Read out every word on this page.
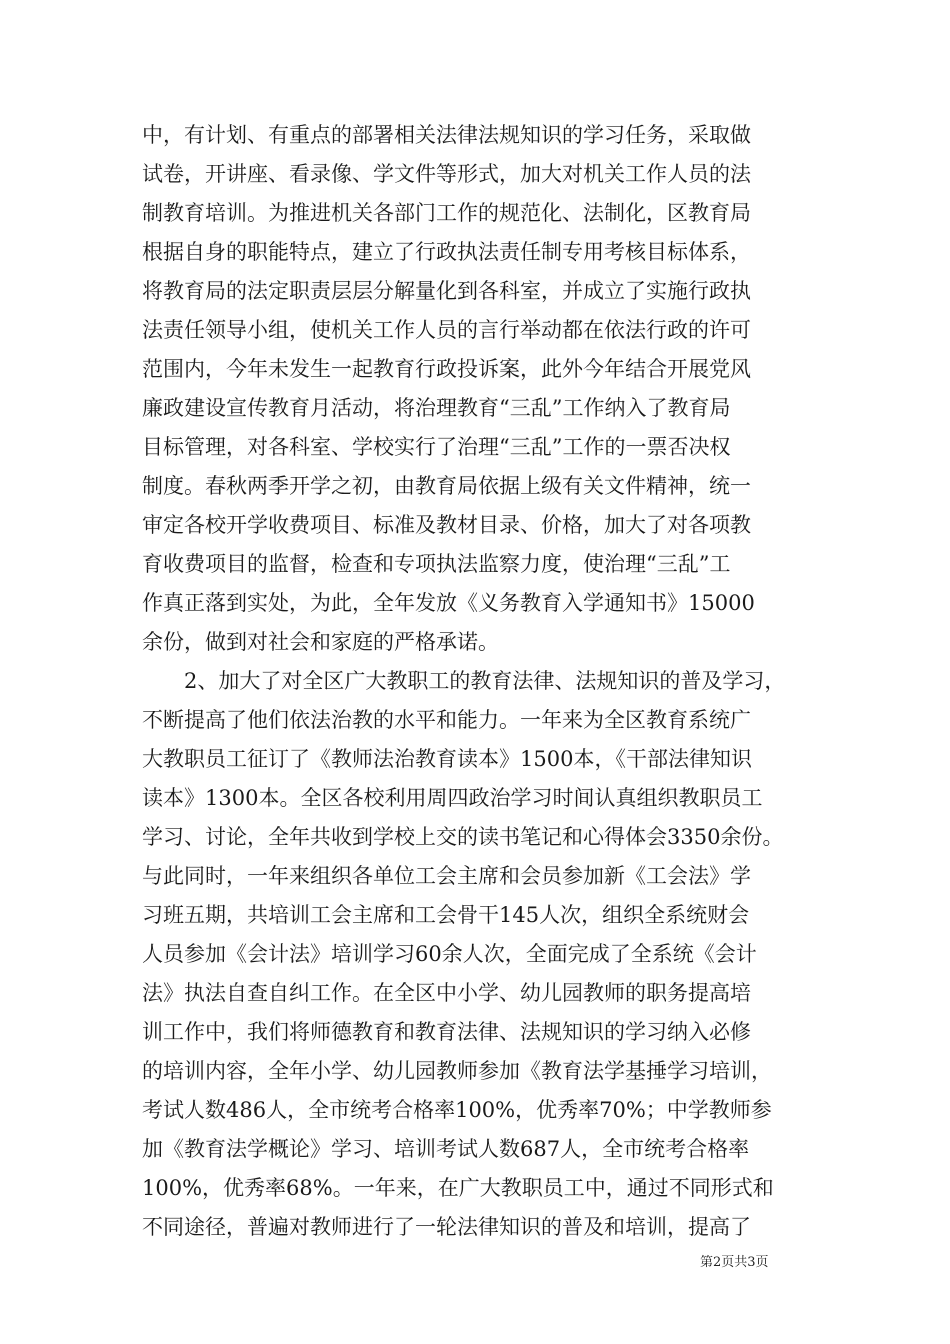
中，有计划、有重点的部署相关法律法规知识的学习任务，采取做
试卷，开讲座、看录像、学文件等形式，加大对机关工作人员的法
制教育培训。为推进机关各部门工作的规范化、法制化，区教育局
根据自身的职能特点，建立了行政执法责任制专用考核目标体系，
将教育局的法定职责层层分解量化到各科室，并成立了实施行政执
法责任领导小组，使机关工作人员的言行举动都在依法行政的许可
范围内，今年未发生一起教育行政投诉案，此外今年结合开展党风
廉政建设宣传教育月活动，将治理教育“三乱”工作纳入了教育局
目标管理，对各科室、学校实行了治理“三乱”工作的一票否决权
制度。春秋两季开学之初，由教育局依据上级有关文件精神，统一
审定各校开学收费项目、标准及教材目录、价格，加大了对各项教
育收费项目的监督，检查和专项执法监察力度，使治理“三乱”工
作真正落到实处，为此，全年发放《义务教育入学通知书》15000
余份，做到对社会和家庭的严格承诺。
　　2、加大了对全区广大教职工的教育法律、法规知识的普及学习，
不断提高了他们依法治教的水平和能力。一年来为全区教育系统广
大教职员工征订了《教师法治教育读本》1500本，《干部法律知识
读本》1300本。全区各校利用周四政治学习时间认真组织教职员工
学习、讨论，全年共收到学校上交的读书笔记和心得体会3350余份。
与此同时，一年来组织各单位工会主席和会员参加新《工会法》学
习班五期，共培训工会主席和工会骨干145人次，组织全系统财会
人员参加《会计法》培训学习60余人次，全面完成了全系统《会计
法》执法自查自纠工作。在全区中小学、幼儿园教师的职务提高培
训工作中，我们将师德教育和教育法律、法规知识的学习纳入必修
的培训内容，全年小学、幼儿园教师参加《教育法学基捶学习培训，
考试人数486人，全市统考合格率100%，优秀率70%；中学教师参
加《教育法学概论》学习、培训考试人数687人，全市统考合格率
100%，优秀率68%。一年来，在广大教职员工中，通过不同形式和
不同途径，普遍对教师进行了一轮法律知识的普及和培训，提高了
第2页共3页
